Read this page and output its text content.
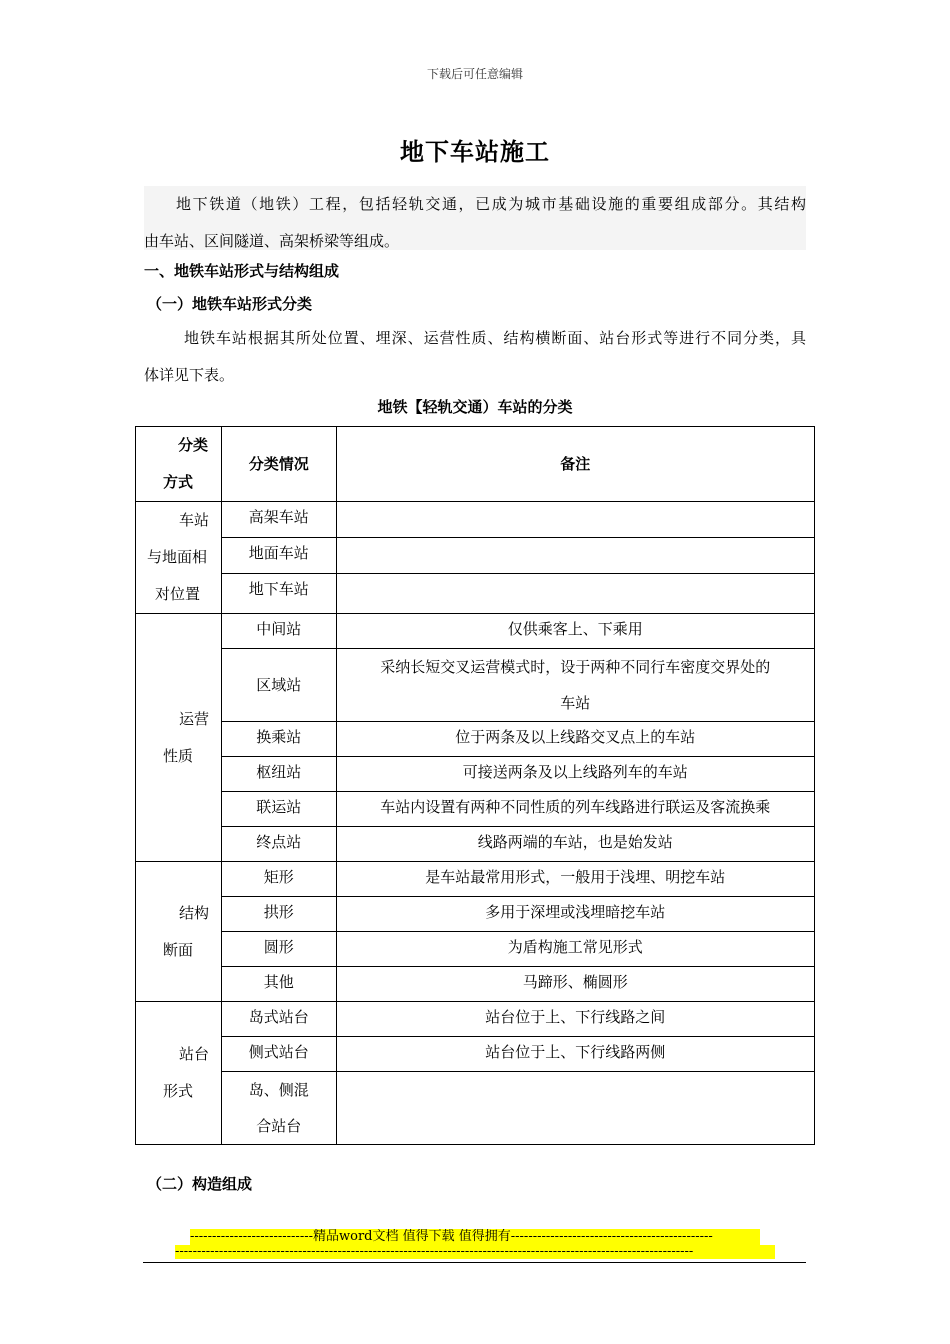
下载后可任意编辑
地下车站施工
地下铁道（地铁）工程，包括轻轨交通，已成为城市基础设施的重要组成部分。其结构
由车站、区间隧道、高架桥梁等组成。
一、地铁车站形式与结构组成
（一）地铁车站形式分类
地铁车站根据其所处位置、埋深、运营性质、结构横断面、站台形式等进行不同分类，具
体详见下表。
地铁【轻轨交通）车站的分类
分类
方式	分类情况	备注

车站
与地面相
对位置	高架车站	

	地面车站	

	地下车站	

运营
性质	中间站	仅供乘客上、下乘用

	区域站	采纳长短交叉运营模式时，设于两种不同行车密度交界处的
车站

	换乘站	位于两条及以上线路交叉点上的车站

	枢纽站	可接送两条及以上线路列车的车站

	联运站	车站内设置有两种不同性质的列车线路进行联运及客流换乘

	终点站	线路两端的车站，也是始发站

结构
断面	矩形	是车站最常用形式，一般用于浅埋、明挖车站

	拱形	多用于深埋或浅埋暗挖车站

	圆形	为盾构施工常见形式

	其他	马蹄形、椭圆形

站台
形式	岛式站台	站台位于上、下行线路之间

	侧式站台	站台位于上、下行线路两侧

	岛、侧混
合站台	

（二）构造组成
----------------------------精品word文档 值得下载 值得拥有----------------------------------------------
----------------------------------------------------------------------------------------------------------------------
